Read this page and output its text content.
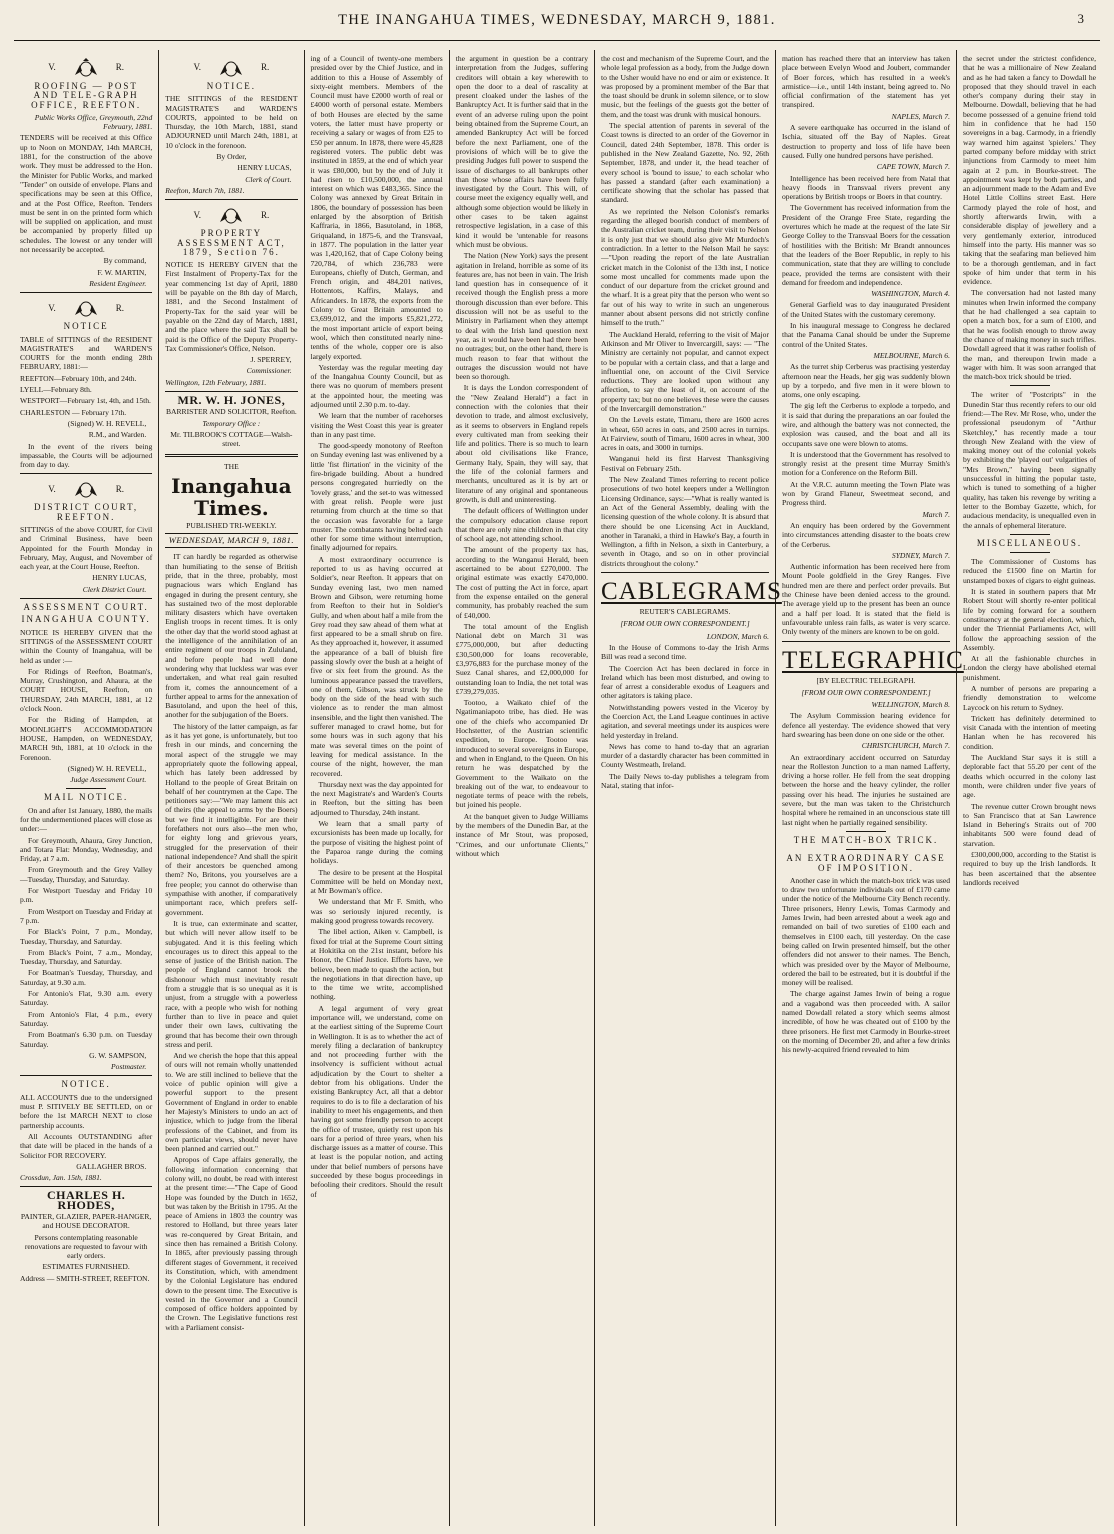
THE INANGAHUA TIMES, WEDNESDAY, MARCH 9, 1881.	3
V.	R.
ROOFING — POST AND TELE-GRAPH OFFICE, REEFTON.

Public Works Office, Greymouth, 22nd February, 1881.

TENDERS will be received at this Office up to Noon on MONDAY, 14th MARCH, 1881, for the construction of the above work. They must be addressed to the Hon. the Minister for Public Works, and marked "Tender" on outside of envelope. Plans and specifications may be seen at this Office, and at the Post Office, Reefton. Tenders must be sent in on the printed form which will be supplied on application, and must be accompanied by properly filled up schedules. The lowest or any tender will not necessarily be accepted.

By command,

F. W. MARTIN,

Resident Engineer.

V.	R.
NOTICE

TABLE of SITTINGS of the RESIDENT MAGISTRATE'S and WARDEN'S COURTS for the month ending 28th FEBRUARY, 1881:—

REEFTON—February 10th, and 24th.

LYELL—February 8th.

WESTPORT—February 1st, 4th, and 15th.

CHARLESTON — February 17th.

(Signed) W. H. REVELL,

R.M., and Warden.

In the event of the rivers being impassable, the Courts will be adjourned from day to day.

V.	R.
DISTRICT COURT, REEFTON.

SITTINGS of the above COURT, for Civil and Criminal Business, have been Appointed for the Fourth Monday in February, May, August, and November of each year, at the Court House, Reefton.

HENRY LUCAS,

Clerk District Court.

ASSESSMENT COURT.
INANGAHUA COUNTY.

NOTICE IS HEREBY GIVEN that the SITTINGS of the ASSESSMENT COURT within the County of Inangahua, will be held as under :—

For Ridings of Reefton, Boatman's, Murray, Crushington, and Ahaura, at the COURT HOUSE, Reefton, on THURSDAY, 24th MARCH, 1881, at 12 o'clock Noon.

For the Riding of Hampden, at MOONLIGHT'S ACCOMMODATION HOUSE, Hampden, on WEDNESDAY, MARCH 9th, 1881, at 10 o'clock in the Forenoon.

(Signed) W. H. REVELL,

Judge Assessment Court.

MAIL NOTICE.

On and after 1st January, 1880, the mails for the undermentioned places will close as under:—

For Greymouth, Ahaura, Grey Junction, and Totara Flat: Monday, Wednesday, and Friday, at 7 a.m.

From Greymouth and the Grey Valley —Tuesday, Thursday, and Saturday.

For Westport Tuesday and Friday 10 p.m.

From Westport on Tuesday and Friday at 7 p.m.

For Black's Point, 7 p.m., Monday, Tuesday, Thursday, and Saturday.

From Black's Point, 7 a.m., Monday, Tuesday, Thursday, and Saturday.

For Boatman's Tuesday, Thursday, and Saturday, at 9.30 a.m.

For Antonio's Flat, 9.30 a.m. every Saturday.

From Antonio's Flat, 4 p.m., every Saturday.

From Boatman's 6.30 p.m. on Tuesday Saturday.

G. W. SAMPSON,

Postmaster.

NOTICE.

ALL ACCOUNTS due to the undersigned must P. SITIVELY BE SETTLED, on or before the 1st MARCH NEXT to close partnership accounts.

All Accounts OUTSTANDING after that date will be placed in the hands of a Solicitor FOR RECOVERY.

GALLAGHER BROS.

Crossdun, Jan. 15th, 1881.

CHARLES H. RHODES,

PAINTER, GLAZIER, PAPER-HANGER, and HOUSE DECORATOR.

Persons contemplating reasonable renovations are requested to favour with early orders.

ESTIMATES FURNISHED.

Address — SMITH-STREET, REEFTON.

V.	R.
NOTICE.

THE SITTINGS of the RESIDENT MAGISTRATE'S and WARDEN'S COURTS, appointed to be held on Thursday, the 10th March, 1881, stand ADJOURNED until March 24th, 1881, at 10 o'clock in the forenoon.

By Order,

HENRY LUCAS,

Clerk of Court.

Reefton, March 7th, 1881.

V.	R.
PROPERTY ASSESSMENT ACT, 1879, Section 76.

NOTICE IS HEREBY GIVEN that the First Instalment of Property-Tax for the year commencing 1st day of April, 1880 will be payable on the 8th day of March, 1881, and the Second Instalment of Property-Tax for the said year will be payable on the 22nd day of March, 1881, and the place where the said Tax shall be paid is the Office of the Deputy Property-Tax Commissioner's Office, Nelson.

J. SPERREY,

Commissioner.

Wellington, 12th February, 1881.

MR. W. H. JONES,

BARRISTER AND SOLICITOR, Reefton.

Temporary Office :

Mr. TILBROOK'S COTTAGE—Walsh-street.

THE
Inangahua Times.
PUBLISHED TRI-WEEKLY.
WEDNESDAY, MARCH 9, 1881.

IT can hardly be regarded as otherwise than humiliating to the sense of British pride, that in the three, probably, most pugnacious wars which England has engaged in during the present century, she has sustained two of the most deplorable military disasters which have overtaken English troops in recent times. It is only the other day that the world stood aghast at the intelligence of the annihilation of an entire regiment of our troops in Zululand, and before people had well done wondering why that luckless war was ever undertaken, and what real gain resulted from it, comes the announcement of a further appeal to arms for the annexation of Basutoland, and upon the heel of this, another for the subjugation of the Boers.

The history of the latter campaign, as far as it has yet gone, is unfortunately, but too fresh in our minds, and concerning the moral aspect of the struggle we may appropriately quote the following appeal, which has lately been addressed by Holland to the people of Great Britain on behalf of her countrymen at the Cape. The petitioners say:—"We may lament this act of theirs (the appeal to arms by the Boers) but we find it intelligible. For are their forefathers not ours also—the men who, for eighty long and grievous years, struggled for the preservation of their national independence? And shall the spirit of their ancestors be quenched among them? No, Britons, you yourselves are a free people; you cannot do otherwise than sympathise with another, if comparatively unimportant race, which prefers self-government.

It is true, can exterminate and scatter, but which will never allow itself to be subjugated. And it is this feeling which encourages us to direct this appeal to the sense of justice of the British nation. The people of England cannot brook the dishonour which must inevitably result from a struggle that is so unequal as it is unjust, from a struggle with a powerless race, with a people who wish for nothing further than to live in peace and quiet under their own laws, cultivating the ground that has become their own through stress and peril.

And we cherish the hope that this appeal of ours will not remain wholly unattended to. We are still inclined to believe that the voice of public opinion will give a powerful support to the present Government of England in order to enable her Majesty's Ministers to undo an act of injustice, which to judge from the liberal professions of the Cabinet, and from its own particular views, should never have been planned and carried out."

Apropos of Cape affairs generally, the following information concerning that colony will, no doubt, be read with interest at the present time:—"The Cape of Good Hope was founded by the Dutch in 1652, but was taken by the British in 1795. At the peace of Amiens in 1803 the country was restored to Holland, but three years later was re-conquered by Great Britain, and since then has remained a British Colony. In 1865, after previously passing through different stages of Government, it received its Constitution, which, with amendment by the Colonial Legislature has endured down to the present time. The Executive is vested in the Governor and a Council composed of office holders appointed by the Crown. The Legislative functions rest with a Parliament consist-

ing of a Council of twenty-one members presided over by the Chief Justice, and in addition to this a House of Assembly of sixty-eight members. Members of the Council must have £2000 worth of real or £4000 worth of personal estate. Members of both Houses are elected by the same voters, the latter must have property or receiving a salary or wages of from £25 to £50 per annum. In 1878, there were 45,828 registered voters. The public debt was instituted in 1859, at the end of which year it was £80,000, but by the end of July it had risen to £10,500,000, the annual interest on which was £483,365. Since the Colony was annexed by Great Britain in 1806, the boundary of possession has been enlarged by the absorption of British Kaffraria, in 1866, Basutoland, in 1868, Griqualand, in 1875-6, and the Transvaal, in 1877. The population in the latter year was 1,420,162, that of Cape Colony being 720,784, of which 236,783 were Europeans, chiefly of Dutch, German, and French origin, and 484,201 natives, Hottentots, Kaffirs, Malays, and Africanders. In 1878, the exports from the Colony to Great Britain amounted to £3,699,012, and the imports £5,821,272, the most important article of export being wool, which then constituted nearly nine-tenths of the whole, copper ore is also largely exported.

Yesterday was the regular meeting day of the Inangahua County Council, but as there was no quorum of members present at the appointed hour, the meeting was adjourned until 2.30 p.m. to-day.

We learn that the number of racehorses visiting the West Coast this year is greater than in any past time.

The good-speedy monotony of Reefton on Sunday evening last was enlivened by a little 'fist flirtation' in the vicinity of the fire-brigade building. About a hundred persons congregated hurriedly on the 'lovely grass,' and the set-to was witnessed with great relish. People were just returning from church at the time so that the occasion was favorable for a large muster. The combatants having belted each other for some time without interruption, finally adjourned for repairs.

A most extraordinary occurrence is reported to us as having occurred at Soldier's, near Reefton. It appears that on Sunday evening last, two men named Brown and Gibson, were returning home from Reefton to their hut in Soldier's Gully, and when about half a mile from the Grey road they saw ahead of them what at first appeared to be a small shrub on fire. As they approached it, however, it assumed the appearance of a ball of bluish fire passing slowly over the bush at a height of five or six feet from the ground. As the luminous appearance passed the travellers, one of them, Gibson, was struck by the body on the side of the head with such violence as to render the man almost insensible, and the light then vanished. The sufferer managed to crawl home, but for some hours was in such agony that his mate was several times on the point of leaving for medical assistance. In the course of the night, however, the man recovered.

Thursday next was the day appointed for the next Magistrate's and Warden's Courts in Reefton, but the sitting has been adjourned to Thursday, 24th instant.

We learn that a small party of excursionists has been made up locally, for the purpose of visiting the highest point of the Paparoa range during the coming holidays.

The desire to be present at the Hospital Committee will be held on Monday next, at Mr Bowman's office.

We understand that Mr F. Smith, who was so seriously injured recently, is making good progress towards recovery.

The libel action, Aiken v. Campbell, is fixed for trial at the Supreme Court sitting at Hokitika on the 21st instant, before his Honor, the Chief Justice. Efforts have, we believe, been made to quash the action, but the negotiations in that direction have, up to the time we write, accomplished nothing.

A legal argument of very great importance will, we understand, come on at the earliest sitting of the Supreme Court in Wellington. It is as to whether the act of merely filing a declaration of bankruptcy and not proceeding further with the insolvency is sufficient without actual adjudication by the Court to shelter a debtor from his obligations. Under the existing Bankruptcy Act, all that a debtor requires to do is to file a declaration of his inability to meet his engagements, and then having got some friendly person to accept the office of trustee, quietly rest upon his oars for a period of three years, when his discharge issues as a matter of course. This at least is the popular notion, and acting under that belief numbers of persons have succeeded by these bogus proceedings in befooling their creditors. Should the result of

the argument in question be a contrary interpretation from the Judges, suffering creditors will obtain a key wherewith to open the door to a deal of rascality at present cloaked under the lashes of the Bankruptcy Act. It is further said that in the event of an adverse ruling upon the point being obtained from the Supreme Court, an amended Bankruptcy Act will be forced before the next Parliament, one of the provisions of which will be to give the presiding Judges full power to suspend the issue of discharges to all bankrupts other than those whose affairs have been fully investigated by the Court. This will, of course meet the exigency equally well, and although some objection would be likely in other cases to be taken against retrospective legislation, in a case of this kind it would be 'untenable for reasons which must be obvious.

The Nation (New York) says the present agitation in Ireland, horrible as some of its features are, has not been in vain. The Irish land question has in consequence of it received though the English press a more thorough discussion than ever before. This discussion will not be as useful to the Ministry in Parliament when they attempt to deal with the Irish land question next year, as it would have been had there been no outrages; but, on the other hand, there is much reason to fear that without the outrages the discussion would not have been so thorough.

It is days the London correspondent of the "New Zealand Herald") a fact in connection with the colonies that their devotion to trade, and almost exclusively, as it seems to observers in England repels every cultivated man from seeking their life and politics. There is so much to learn about old civilisations like France, Germany Italy, Spain, they will say, that the life of the colonial farmers and merchants, uncultured as it is by art or literature of any original and spontaneous growth, is dull and uninteresting.

The default officers of Wellington under the compulsory education clause report that there are only nine children in that city of school age, not attending school.

The amount of the property tax has, according to the Wanganui Herald, been ascertained to be about £270,000. The original estimate was exactly £470,000. The cost of putting the Act in force, apart from the expense entailed on the general community, has probably reached the sum of £40,000.

The total amount of the English National debt on March 31 was £775,000,000, but after deducting £30,500,000 for loans recoverable, £3,976,883 for the purchase money of the Suez Canal shares, and £2,000,000 for outstanding loan to India, the net total was £739,279,035.

Tootoo, a Waikato chief of the Ngatimaniapoto tribe, has died. He was one of the chiefs who accompanied Dr Hochstetter, of the Austrian scientific expedition, to Europe. Tootoo was introduced to several sovereigns in Europe, and when in England, to the Queen. On his return he was despatched by the Government to the Waikato on the breaking out of the war, to endeavour to negotiate terms of peace with the rebels, but joined his people.

At the banquet given to Judge Williams by the members of the Dunedin Bar, at the instance of Mr Stout, was proposed, "Crimes, and our unfortunate Clients," without which

the cost and mechanism of the Supreme Court, and the whole legal profession as a body, from the Judge down to the Usher would have no end or aim or existence. It was proposed by a prominent member of the Bar that the toast should be drunk in solemn silence, or to slow music, but the feelings of the guests got the better of them, and the toast was drunk with musical honours.

The special attention of parents in several of the Coast towns is directed to an order of the Governor in Council, dated 24th September, 1878. This order is published in the New Zealand Gazette, No. 92, 26th September, 1878, and under it, the head teacher of every school is 'bound to issue,' to each scholar who has passed a standard (after each examination) a certificate showing that the scholar has passed that standard.

As we reprinted the Nelson Colonist's remarks regarding the alleged boorish conduct of members of the Australian cricket team, during their visit to Nelson it is only just that we should also give Mr Murdoch's contradiction. In a letter to the Nelson Mail he says:—"Upon reading the report of the late Australian cricket match in the Colonist of the 13th inst, I notice some most uncalled for comments made upon the conduct of our departure from the cricket ground and the wharf. It is a great pity that the person who went so far out of his way to write in such an ungenerous manner about absent persons did not strictly confine himself to the truth."

The Auckland Herald, referring to the visit of Major Atkinson and Mr Oliver to Invercargill, says: — "The Ministry are certainly not popular, and cannot expect to be popular with a certain class, and that a large and influential one, on account of the Civil Service reductions. They are looked upon without any affection, to say the least of it, on account of the property tax; but no one believes these were the causes of the Invercargill demonstration."

On the Levels estate, Timaru, there are 1600 acres in wheat, 650 acres in oats, and 2500 acres in turnips. At Fairview, south of Timaru, 1600 acres in wheat, 300 acres in oats, and 3000 in turnips.

Wanganui held its first Harvest Thanksgiving Festival on February 25th.

The New Zealand Times referring to recent police prosecutions of two hotel keepers under a Wellington Licensing Ordinance, says:—"What is really wanted is an Act of the General Assembly, dealing with the licensing question of the whole colony. It is absurd that there should be one Licensing Act in Auckland, another in Taranaki, a third in Hawke's Bay, a fourth in Wellington, a fifth in Nelson, a sixth in Canterbury, a seventh in Otago, and so on in other provincial districts throughout the colony."

CABLEGRAMS
REUTER'S CABLEGRAMS.
[FROM OUR OWN CORRESPONDENT.]

LONDON, March 6.

In the House of Commons to-day the Irish Arms Bill was read a second time.

The Coercion Act has been declared in force in Ireland which has been most disturbed, and owing to fear of arrest a considerable exodus of Leaguers and other agitators is taking place.

Notwithstanding powers vested in the Viceroy by the Coercion Act, the Land League continues in active agitation, and several meetings under its auspices were held yesterday in Ireland.

News has come to hand to-day that an agrarian murder of a dastardly character has been committed in County Westmeath, Ireland.

The Daily News to-day publishes a telegram from Natal, stating that infor-

mation has reached there that an interview has taken place between Evelyn Wood and Joubert, commander of Boer forces, which has resulted in a week's armistice—i.e., until 14th instant, being agreed to. No official confirmation of the statement has yet transpired.

NAPLES, March 7.

A severe earthquake has occurred in the island of Ischia, situated off the Bay of Naples. Great destruction to property and loss of life have been caused. Fully one hundred persons have perished.

CAPE TOWN, March 7.

Intelligence has been received here from Natal that heavy floods in Transvaal rivers prevent any operations by British troops or Boers in that country.

The Government has received information from the President of the Orange Free State, regarding the overtures which he made at the request of the late Sir George Colley to the Transvaal Boers for the cessation of hostilities with the British: Mr Brandt announces that the leaders of the Boer Republic, in reply to his communication, state that they are willing to conclude peace, provided the terms are consistent with their demand for freedom and independence.

WASHINGTON, March 4.

General Garfield was to day inaugurated President of the United States with the customary ceremony.

In his inaugural message to Congress he declared that the Panama Canal should be under the Supreme control of the United States.

MELBOURNE, March 6.

As the turret ship Cerberus was practising yesterday afternoon near the Heads, her gig was suddenly blown up by a torpedo, and five men in it were blown to atoms, one only escaping.

The gig left the Cerberus to explode a torpedo, and it is said that during the preparations an oar fouled the wire, and although the battery was not connected, the explosion was caused, and the boat and all its occupants save one were blown to atoms.

It is understood that the Government has resolved to strongly resist at the present time Murray Smith's motion for a Conference on the Reform Bill.

At the V.R.C. autumn meeting the Town Plate was won by Grand Flaneur, Sweetmeat second, and Progress third.

March 7.

An enquiry has been ordered by the Government into circumstances attending disaster to the boats crew of the Cerberus.

SYDNEY, March 7.

Authentic information has been received here from Mount Poole goldfield in the Grey Ranges. Five hundred men are there and perfect order prevails. But the Chinese have been denied access to the ground. The average yield up to the present has been an ounce and a half per load. It is stated that the field is unfavourable unless rain falls, as water is very scarce. Only twenty of the miners are known to be on gold.

TELEGRAPHIC
[BY ELECTRIC TELEGRAPH.
[FROM OUR OWN CORRESPONDENT.]

WELLINGTON, March 8.

The Asylum Commission hearing evidence for defence all yesterday. The evidence showed that very hard swearing has been done on one side or the other.

CHRISTCHURCH, March 7.

An extraordinary accident occurred on Saturday near the Rolleston Junction to a man named Lafferty, driving a horse roller. He fell from the seat dropping between the horse and the heavy cylinder, the roller passing over his head. The injuries he sustained are severe, but the man was taken to the Christchurch hospital where he remained in an unconscious state till last night when he partially regained sensibility.

THE MATCH-BOX TRICK.
AN EXTRAORDINARY CASE OF IMPOSITION.

Another case in which the match-box trick was used to draw two unfortunate individuals out of £170 came under the notice of the Melbourne City Bench recently. Three prisoners, Henry Lewis, Tomas Carmody and James Irwin, had been arrested about a week ago and remanded on bail of two sureties of £100 each and themselves in £100 each, till yesterday. On the case being called on Irwin presented himself, but the other offenders did not answer to their names. The Bench, which was presided over by the Mayor of Melbourne, ordered the bail to be estreated, but it is doubtful if the money will be realised.

The charge against James Irwin of being a rogue and a vagabond was then proceeded with. A sailor named Dowdall related a story which seems almost incredible, of how he was cheated out of £100 by the three prisoners. He first met Carmody in Bourke-street on the morning of December 20, and after a few drinks his newly-acquired friend revealed to him

the secret under the strictest confidence, that he was a millionaire of New Zealand and as he had taken a fancy to Dowdall he proposed that they should travel in each other's company during their stay in Melbourne. Dowdall, believing that he had become possessed of a genuine friend told him in confidence that he had 150 sovereigns in a bag. Carmody, in a friendly way warned him against 'spielers.' They parted company before midday with strict injunctions from Carmody to meet him again at 2 p.m. in Bourke-street. The appointment was kept by both parties, and an adjournment made to the Adam and Eve Hotel Little Collins street East. Here Carmody played the role of host, and shortly afterwards Irwin, with a considerable display of jewellery and a very gentlemanly exterior, introduced himself into the party. His manner was so taking that the seafaring man believed him to be a thorough gentleman, and in fact spoke of him under that term in his evidence.

The conversation had not lasted many minutes when Irwin informed the company that he had challenged a sea captain to open a match box, for a sum of £100, and that he was foolish enough to throw away the chance of making money in such trifles. Dowdall agreed that it was rather foolish of the man, and thereupon Irwin made a wager with him. It was soon arranged that the match-box trick should be tried.

The writer of "Postcripts" in the Dunedin Star thus recently refers to our old friend:—The Rev. Mr Rose, who, under the professional pseudonym of "Arthur Sketchley," has recently made a tour through New Zealand with the view of making money out of the colonial yokels by exhibiting the 'played out' vulgarities of "Mrs Brown," having been signally unsuccessful in hitting the popular taste, which is tuned to something of a higher quality, has taken his revenge by writing a letter to the Bombay Gazette, which, for audacious mendacity, is unequalled even in the annals of ephemeral literature.

MISCELLANEOUS.

The Commissioner of Customs has reduced the £1500 fine on Martin for unstamped boxes of cigars to eight guineas.

It is stated in southern papers that Mr Robert Stout will shortly re-enter political life by coming forward for a southern constituency at the general election, which, under the Triennial Parliaments Act, will follow the approaching session of the Assembly.

At all the fashionable churches in London the clergy have abolished eternal punishment.

A number of persons are preparing a friendly demonstration to welcome Laycock on his return to Sydney.

Trickett has definitely determined to visit Canada with the intention of meeting Hanlan when he has recovered his condition.

The Auckland Star says it is still a deplorable fact that 55.20 per cent of the deaths which occurred in the colony last month, were children under five years of age.

The revenue cutter Crown brought news to San Francisco that at San Lawrence Island in Behering's Straits out of 700 inhabitants 500 were found dead of starvation.

£300,000,000, according to the Statist is required to buy up the Irish landlords. It has been ascertained that the absentee landlords received
